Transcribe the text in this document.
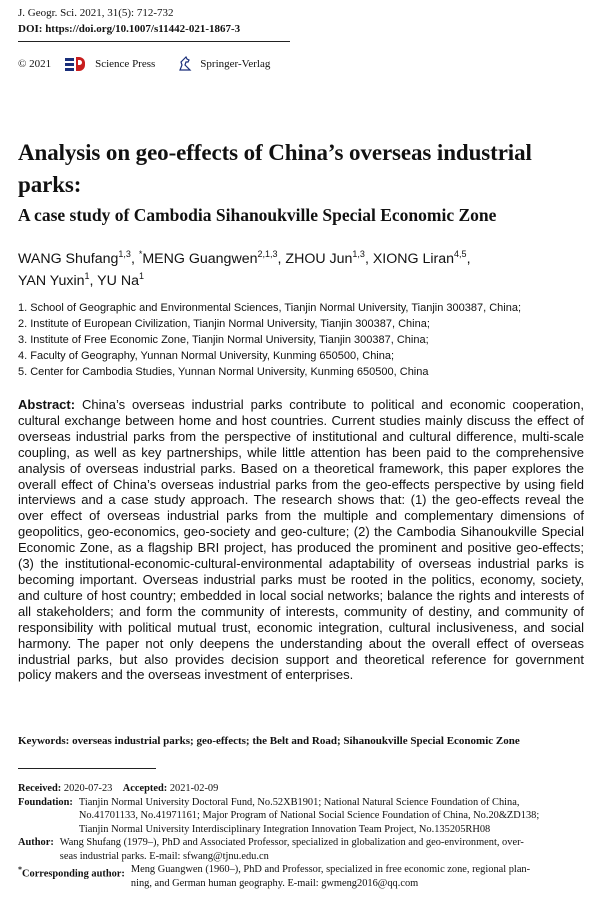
J. Geogr. Sci. 2021, 31(5): 712-732
DOI: https://doi.org/10.1007/s11442-021-1867-3
© 2021	Science Press	Springer-Verlag
Analysis on geo-effects of China’s overseas industrial parks:
A case study of Cambodia Sihanoukville Special Economic Zone
WANG Shufang$^{1,3}$, *MENG Guangwen$^{2,1,3}$, ZHOU Jun$^{1,3}$, XIONG Liran$^{4,5}$,
YAN Yuxin$^1$, YU Na$^1$
1. School of Geographic and Environmental Sciences, Tianjin Normal University, Tianjin 300387, China;
2. Institute of European Civilization, Tianjin Normal University, Tianjin 300387, China;
3. Institute of Free Economic Zone, Tianjin Normal University, Tianjin 300387, China;
4. Faculty of Geography, Yunnan Normal University, Kunming 650500, China;
5. Center for Cambodia Studies, Yunnan Normal University, Kunming 650500, China

Abstract: China’s overseas industrial parks contribute to political and economic cooperation, cultural exchange between home and host countries. Current studies mainly discuss the effect of overseas industrial parks from the perspective of institutional and cultural difference, multi-scale coupling, as well as key partnerships, while little attention has been paid to the comprehensive analysis of overseas industrial parks. Based on a theoretical framework, this paper explores the overall effect of China’s overseas industrial parks from the geo-effects perspective by using field interviews and a case study approach. The research shows that: (1) the geo-effects reveal the over effect of overseas industrial parks from the multiple and complementary dimensions of geopolitics, geo-economics, geo-society and geo-culture; (2) the Cambodia Sihanoukville Special Economic Zone, as a flagship BRI project, has produced the prominent and positive geo-effects; (3) the institutional-economic-cultural-environmental adaptability of overseas industrial parks is becoming important. Overseas industrial parks must be rooted in the politics, economy, society, and culture of host country; embedded in local social networks; balance the rights and interests of all stakeholders; and form the community of interests, community of destiny, and community of responsibility with political mutual trust, economic integration, cultural inclusiveness, and social harmony. The paper not only deepens the understanding about the overall effect of overseas industrial parks, but also provides decision support and theoretical reference for government policy makers and the overseas investment of enterprises.

Keywords: overseas industrial parks; geo-effects; the Belt and Road; Sihanoukville Special Economic Zone
Received: 2020-07-23 Accepted: 2021-02-09
Foundation: Tianjin Normal University Doctoral Fund, No.52XB1901; National Natural Science Foundation of China,
No.41701133, No.41971161; Major Program of National Social Science Foundation of China, No.20&ZD138;
Tianjin Normal University Interdisciplinary Integration Innovation Team Project, No.135205RH08
Author: Wang Shufang (1979–), PhD and Associated Professor, specialized in globalization and geo-environment, over-
seas industrial parks. E-mail: sfwang@tjnu.edu.cn
*Corresponding author: Meng Guangwen (1960–), PhD and Professor, specialized in free economic zone, regional plan-
ning, and German human geography. E-mail: gwmeng2016@qq.com
